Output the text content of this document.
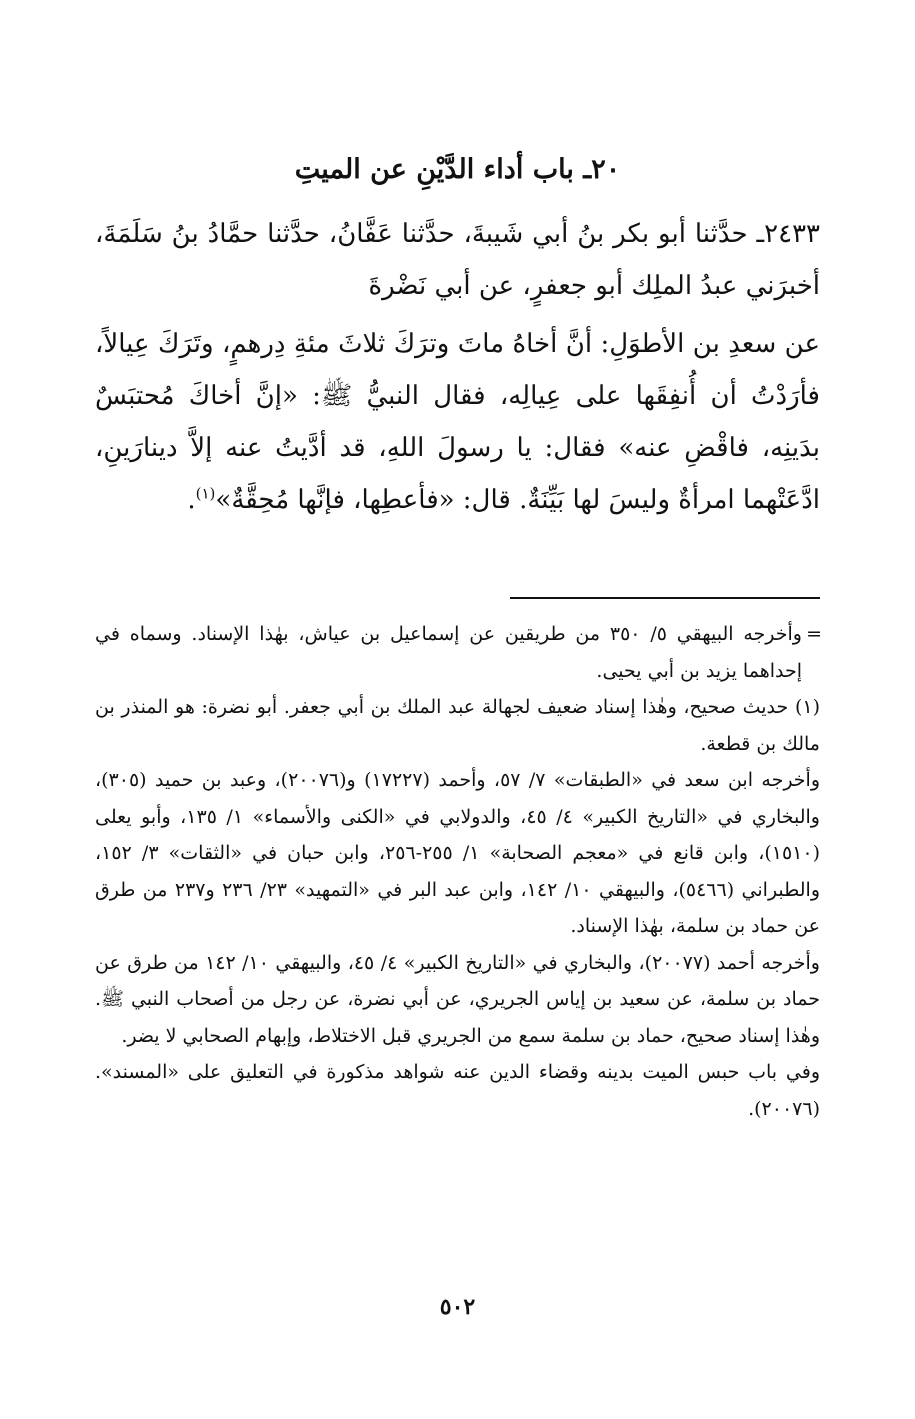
٢٠ـ باب أداء الدَّيْنِ عن الميتِ

٢٤٣٣ـ حدَّثنا أبو بكر بنُ أبي شَيبةَ، حدَّثنا عَفَّانُ، حدَّثنا حمَّادُ بنُ سَلَمَةَ، أخبرَني عبدُ الملِك أبو جعفرٍ، عن أبي نَضْرةَ

عن سعدِ بن الأطوَلِ: أنَّ أخاهُ ماتَ وترَكَ ثلاثَ مئةِ دِرهمٍ، وتَرَكَ عِيالاً، فأرَدْتُ أن أُنفِقَها على عِيالِه، فقال النبيُّ ﷺ: «إنَّ أخاكَ مُحتبَسٌ بدَينِه، فاقْضِ عنه» فقال: يا رسولَ اللهِ، قد أدَّيتُ عنه إلاَّ دينارَينِ، ادَّعَتْهما امرأةٌ وليسَ لها بَيِّنَةٌ. قال: «فأعطِها، فإنَّها مُحِقَّةٌ»$^{(١)}$.

=
وأخرجه البيهقي ٥/ ٣٥٠ من طريقين عن إسماعيل بن عياش، بهٰذا الإسناد. وسماه في إحداهما يزيد بن أبي يحيى.

(١) حديث صحيح، وهٰذا إسناد ضعيف لجهالة عبد الملك بن أبي جعفر. أبو نضرة: هو المنذر بن مالك بن قطعة.

وأخرجه ابن سعد في «الطبقات» ٧/ ٥٧، وأحمد (١٧٢٢٧) و(٢٠٠٧٦)، وعبد بن حميد (٣٠٥)، والبخاري في «التاريخ الكبير» ٤/ ٤٥، والدولابي في «الكنى والأسماء» ١/ ١٣٥، وأبو يعلى (١٥١٠)، وابن قانع في «معجم الصحابة» ١/ ٢٥٥-٢٥٦، وابن حبان في «الثقات» ٣/ ١٥٢، والطبراني (٥٤٦٦)، والبيهقي ١٠/ ١٤٢، وابن عبد البر في «التمهيد» ٢٣/ ٢٣٦ و٢٣٧ من طرق عن حماد بن سلمة، بهٰذا الإسناد.

وأخرجه أحمد (٢٠٠٧٧)، والبخاري في «التاريخ الكبير» ٤/ ٤٥، والبيهقي ١٠/ ١٤٢ من طرق عن حماد بن سلمة، عن سعيد بن إياس الجريري، عن أبي نضرة، عن رجل من أصحاب النبي ﷺ. وهٰذا إسناد صحيح، حماد بن سلمة سمع من الجريري قبل الاختلاط، وإبهام الصحابي لا يضر.

وفي باب حبس الميت بدينه وقضاء الدين عنه شواهد مذكورة في التعليق على «المسند». (٢٠٠٧٦).

٥٠٢
